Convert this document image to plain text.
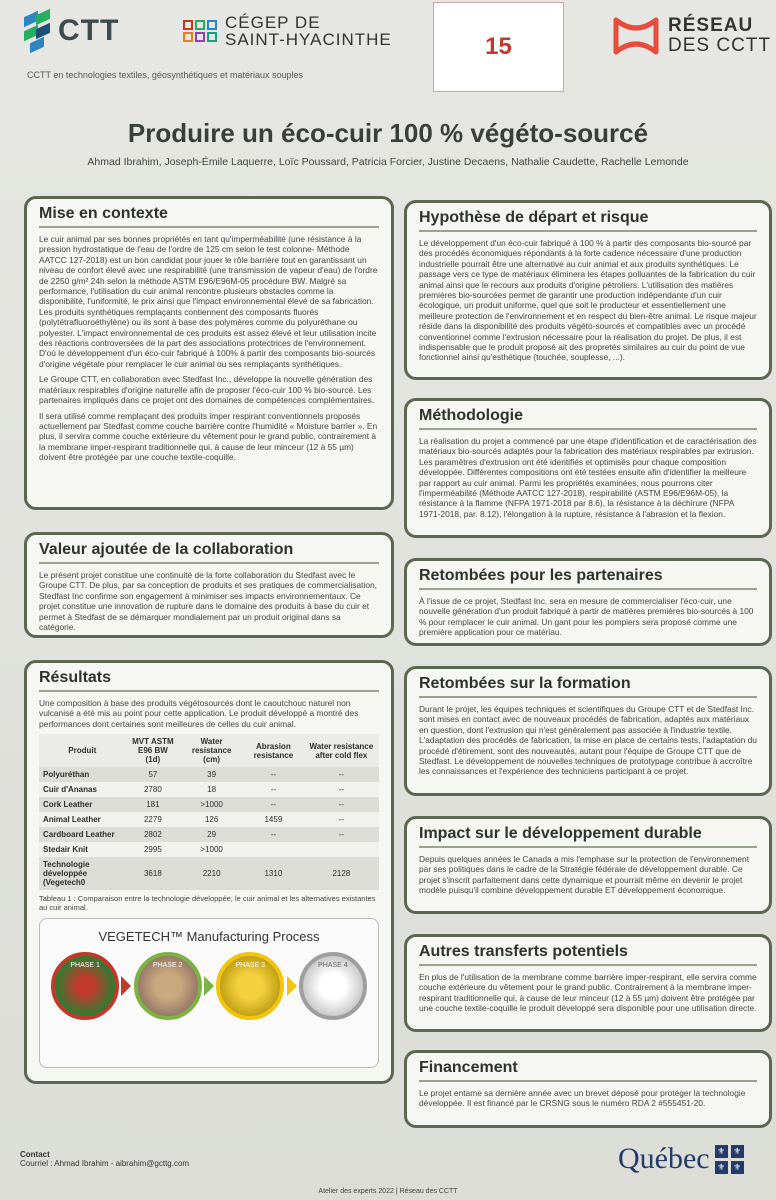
CTT	CÉGEP DE
SAINT-HYACINTHE	15
RÉSEAU
DES CCTT
CCTT en technologies textiles, géosynthétiques et matériaux souples
Produire un éco-cuir 100 % végéto-sourcé
Ahmad Ibrahim, Joseph-Émile Laquerre, Loïc Poussard, Patricia Forcier, Justine Decaens, Nathalie Caudette, Rachelle Lemonde
Mise en contexte

Le cuir animal par ses bonnes propriétés en tant qu'imperméabilité (une résistance à la pression hydrostatique de l'eau de l'ordre de 125 cm selon le test colonne- Méthode AATCC 127-2018) est un bon candidat pour jouer le rôle barrière tout en garantissant un niveau de confort élevé avec une respirabilité (une transmission de vapeur d'eau) de l'ordre de 2250 g/m² 24h selon la méthode ASTM E96/E96M-05 procédure BW. Malgré sa performance, l'utilisation du cuir animal rencontre plusieurs obstacles comme la disponibilité, l'uniformité, le prix ainsi que l'impact environnemental élevé de sa fabrication. Les produits synthétiques remplaçants contiennent des composants fluorés (polytétrafluoroéthylène) ou ils sont à base des polymères comme du polyuréthane ou polyester. L'impact environnemental de ces produits est assez élevé et leur utilisation incite des réactions controversées de la part des associations protectrices de l'environnement. D'où le développement d'un éco-cuir fabriqué à 100% à partir des composants bio-sourcés d'origine végétale pour remplacer le cuir animal ou ses remplaçants synthétiques.

Le Groupe CTT, en collaboration avec Stedfast Inc., développe la nouvelle génération des matériaux respirables d'origine naturelle afin de proposer l'éco-cuir 100 % bio-sourcé. Les partenaires impliqués dans ce projet ont des domaines de compétences complémentaires.

Il sera utilisé comme remplaçant des produits imper respirant conventionnels proposés actuellement par Stedfast comme couche barrière contre l'humidité « Moisture barrier ». En plus, il servira comme couche extérieure du vêtement pour le grand public, contrairement à la membrane imper-respirant traditionnelle qui, à cause de leur minceur (12 à 55 µm) doivent être protégée par une couche textile-coquille.

Valeur ajoutée de la collaboration

Le présent projet constitue une continuité de la forte collaboration du Stedfast avec le Groupe CTT. De plus, par sa conception de produits et ses pratiques de commercialisation, Stedfast Inc confirme son engagement à minimiser ses impacts environnementaux. Ce projet constitue une innovation de rupture dans le domaine des produits à base du cuir et permet à Stedfast de se démarquer mondialement par un produit original dans sa catégorie.

Résultats

Une composition à base des produits végétosourcés dont le caoutchouc naturel non vulcanisé a été mis au point pour cette application. Le produit développé a montré des performances dont certaines sont meilleures de celles du cuir animal.

Produit	MVT ASTM E96 BW (1d)	Water resistance (cm)	Abrasion resistance	Water resistance after cold flex
Polyuréthan	57	39	--	--
Cuir d'Ananas	2780	18	--	--
Cork Leather	181	>1000	--	--
Animal Leather	2279	126	1459	--
Cardboard Leather	2802	29	--	--
Stedair Knit	2995	>1000		
Technologie développée (Vegetech0	3618	2210	1310	2128
Tableau 1 : Comparaison entre la technologie développée, le cuir animal et les alternatives existantes au cuir animal.
VEGETECH™ Manufacturing Process
PHASE 1	PHASE 2	PHASE 3	PHASE 4
Hypothèse de départ et risque

Le développement d'un éco-cuir fabriqué à 100 % à partir des composants bio-sourcé par des procédés économiques répondants à la forte cadence nécessaire d'une production industrielle pourrait être une alternative au cuir animal et aux produits synthétiques. Le passage vers ce type de matériaux éliminera les étapes polluantes de la fabrication du cuir animal ainsi que le recours aux produits d'origine pétroliers. L'utilisation des matières premières bio-sourcées permet de garantir une production indépendante d'un cuir écologique, un produit uniforme, quel que soit le producteur et essentiellement une meilleure protection de l'environnement et en respect du bien-être animal. Le risque majeur réside dans la disponibilité des produits végéto-sourcés et compatibles avec un procédé conventionnel comme l'extrusion nécessaire pour la réalisation du projet. De plus, il est indispensable que le produit proposé ait des propretés similaires au cuir du point de vue fonctionnel ainsi qu'esthétique (touchée, souplesse, ...).

Méthodologie

La réalisation du projet a commencé par une étape d'identification et de caractérisation des matériaux bio-sourcés adaptés pour la fabrication des matériaux respirables par extrusion. Les paramètres d'extrusion ont été identifiés et optimisés pour chaque composition développée. Différentes compositions ont été testées ensuite afin d'identifier la meilleure par rapport au cuir animal. Parmi les propriétés examinées, nous pourrons citer l'imperméabilité (Méthode AATCC 127-2018), respirabilité (ASTM E96/E96M-05), la résistance à la flamme (NFPA 1971-2018 par 8.6), la résistance à la déchirure (NFPA 1971-2018, par. 8.12), l'élongation à la rupture, résistance à l'abrasion et la flexion.

Retombées pour les partenaires

À l'issue de ce projet, Stedfast Inc. sera en mesure de commercialiser l'éco-cuir, une nouvelle génération d'un produit fabriqué à partir de matières premières bio-sourcés à 100 % pour remplacer le cuir animal. Un gant pour les pompiers sera proposé comme une première application pour ce matériau.

Retombées sur la formation

Durant le projet, les équipes techniques et scientifiques du Groupe CTT et de Stedfast Inc. sont mises en contact avec de nouveaux procédés de fabrication, adaptés aux matériaux en question, dont l'extrusion qui n'est généralement pas associée à l'industrie textile. L'adaptation des procédés de fabrication, la mise en place de certains tests, l'adaptation du procédé d'étirement, sont des nouveautés, autant pour l'équipe de Groupe CTT que de Stedfast. Le développement de nouvelles techniques de prototypage contribue à accroître les connaissances et l'expérience des techniciens participant à ce projet.

Impact sur le développement durable

Depuis quelques années le Canada a mis l'emphase sur la protection de l'environnement par ses politiques dans le cadre de la Stratégie fédérale de développement durable. Ce projet s'inscrit parfaitement dans cette dynamique et pourrait même en devenir le projet modèle puisqu'il combine développement durable ET développement économique.

Autres transferts potentiels

En plus de l'utilisation de la membrane comme barrière imper-respirant, elle servira comme couche extérieure du vêtement pour le grand public. Contrairement à la membrane imper-respirant traditionnelle qui, à cause de leur minceur (12 à 55 µm) doivent être protégée par une couche textile-coquille le produit développé sera disponible pour une utilisation directe.

Financement

Le projet entame sa dernière année avec un brevet déposé pour protéger la technologie développée. Il est financé par le CRSNG sous le numéro RDA 2 #555451-20.

Contact
Courriel : Ahmad Ibrahim - aibrahim@gcttg.com	Québec ⚜ ⚜
⚜ ⚜
Atelier des experts 2022 | Réseau des CCTT
